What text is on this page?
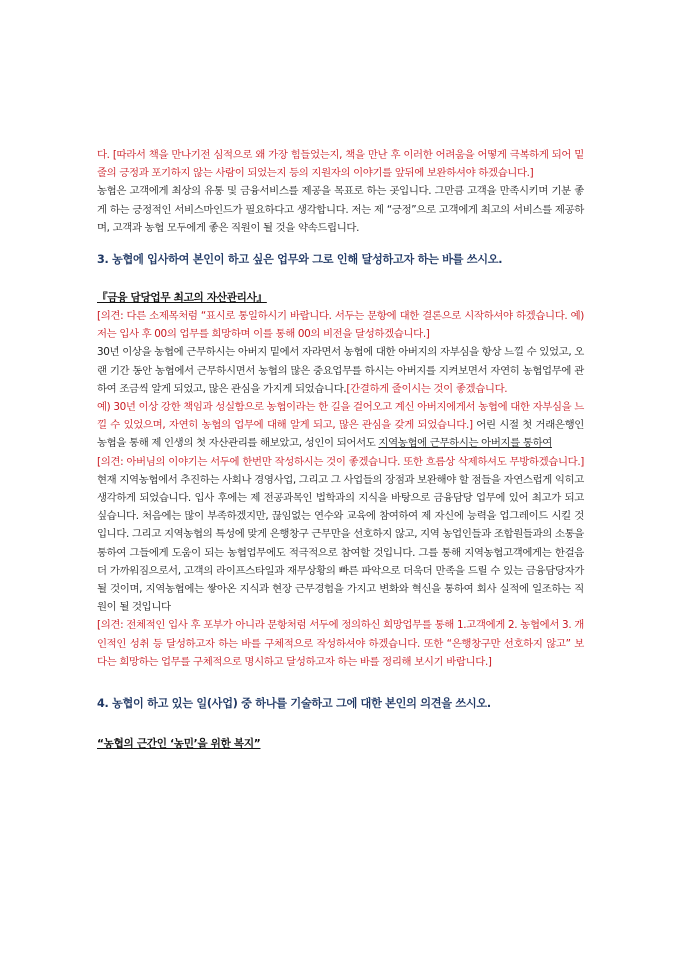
다. [따라서 책을 만나기전 심적으로 왜 가장 힘들었는지, 책을 만난 후 이러한 어려움을 어떻게 극복하게 되어 밑줄의 긍정과 포기하지 않는 사람이 되었는지 등의 지원자의 이야기를 앞뒤에 보완하셔야 하겠습니다.]

농협은 고객에게 최상의 유통 및 금융서비스를 제공을 목표로 하는 곳입니다. 그만큼 고객을 만족시키며 기분 좋게 하는 긍정적인 서비스마인드가 필요하다고 생각합니다. 저는 제 “긍정”으로 고객에게 최고의 서비스를 제공하며, 고객과 농협 모두에게 좋은 직원이 될 것을 약속드립니다.

3. 농협에 입사하여 본인이 하고 싶은 업무와 그로 인해 달성하고자 하는 바를 쓰시오.
『금융 담당업무 최고의 자산관리사』

[의견: 다른 소제목처럼 “표시로 통일하시기 바랍니다. 서두는 문항에 대한 결론으로 시작하셔야 하겠습니다. 예) 저는 입사 후 00의 업무를 희망하며 이를 통해 00의 비전을 달성하겠습니다.]

30년 이상을 농협에 근무하시는 아버지 밑에서 자라면서 농협에 대한 아버지의 자부심을 항상 느낄 수 있었고, 오랜 기간 동안 농협에서 근무하시면서 농협의 많은 중요업무를 하시는 아버지를 지켜보면서 자연히 농협업무에 관하여 조금씩 알게 되었고, 많은 관심을 가지게 되었습니다.[간결하게 줄이시는 것이 좋겠습니다.

예) 30년 이상 강한 책임과 성실함으로 농협이라는 한 길을 걸어오고 계신 아버지에게서 농협에 대한 자부심을 느낄 수 있었으며, 자연히 농협의 업무에 대해 알게 되고, 많은 관심을 갖게 되었습니다.] 어린 시절 첫 거래은행인 농협을 통해 제 인생의 첫 자산관리를 해보았고, 성인이 되어서도 지역농협에 근무하시는 아버지를 통하여

[의견: 아버님의 이야기는 서두에 한번만 작성하시는 것이 좋겠습니다. 또한 흐름상 삭제하셔도 무방하겠습니다.] 현재 지역농협에서 추진하는 사회나 경영사업, 그리고 그 사업들의 장점과 보완해야 할 점들을 자연스럽게 익히고 생각하게 되었습니다. 입사 후에는 제 전공과목인 법학과의 지식을 바탕으로 금융담당 업무에 있어 최고가 되고 싶습니다. 처음에는 많이 부족하겠지만, 끊임없는 연수와 교육에 참여하여 제 자신에 능력을 업그레이드 시킬 것 입니다. 그리고 지역농협의 특성에 맞게 은행창구 근무만을 선호하지 않고, 지역 농업인들과 조합원들과의 소통을 통하여 그들에게 도움이 되는 농협업무에도 적극적으로 참여할 것입니다. 그를 통해 지역농협고객에게는 한걸음 더 가까워짐으로서, 고객의 라이프스타일과 재무상황의 빠른 파악으로 더욱더 만족을 드릴 수 있는 금융담당자가 될 것이며, 지역농협에는 쌓아온 지식과 현장 근무경험을 가지고 변화와 혁신을 통하여 회사 실적에 일조하는 직원이 될 것입니다

[의견: 전체적인 입사 후 포부가 아니라 문항처럼 서두에 정의하신 희망업무를 통해 1.고객에게 2. 농협에서 3. 개인적인 성취 등 달성하고자 하는 바를 구체적으로 작성하셔야 하겠습니다. 또한 “은행창구만 선호하지 않고” 보다는 희망하는 업무를 구체적으로 명시하고 달성하고자 하는 바를 정리해 보시기 바랍니다.]

4. 농협이 하고 있는 일(사업) 중 하나를 기술하고 그에 대한 본인의 의견을 쓰시오.
“농협의 근간인 ‘농민’을 위한 복지”
